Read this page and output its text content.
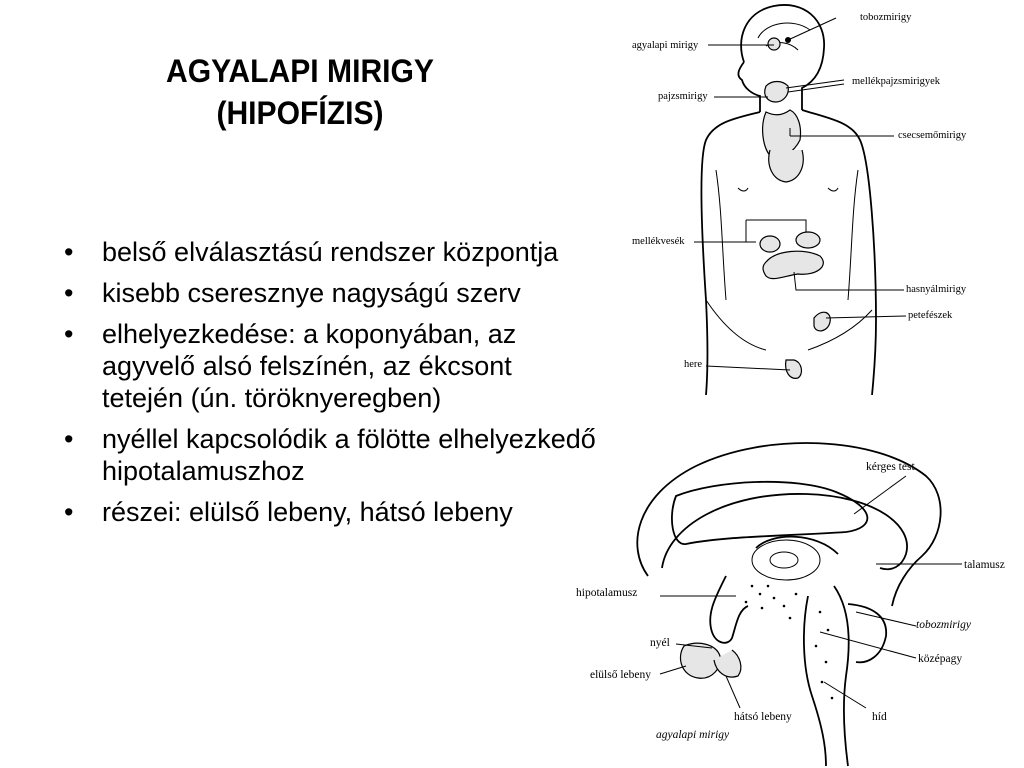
AGYALAPI MIRIGY
(HIPOFÍZIS)
• belső elválasztású rendszer központja
• kisebb cseresznye nagyságú szerv
• elhelyezkedése: a koponyában, az agyvelő alsó felszínén, az ékcsont tetején (ún. töröknyeregben)
• nyéllel kapcsolódik a fölötte elhelyezkedő hipotalamuszhoz
• részei: elülső lebeny, hátsó lebeny
tobozmirigy
agyalapi mirigy
mellékpajzsmirigyek
pajzsmirigy
csecsemőmirigy
mellékvesék
hasnyálmirigy
petefészek
here
kérges test
talamusz
hipotalamusz
tobozmirigy
nyél
középagy
elülső lebeny
hátsó lebeny	híd
agyalapi mirigy
